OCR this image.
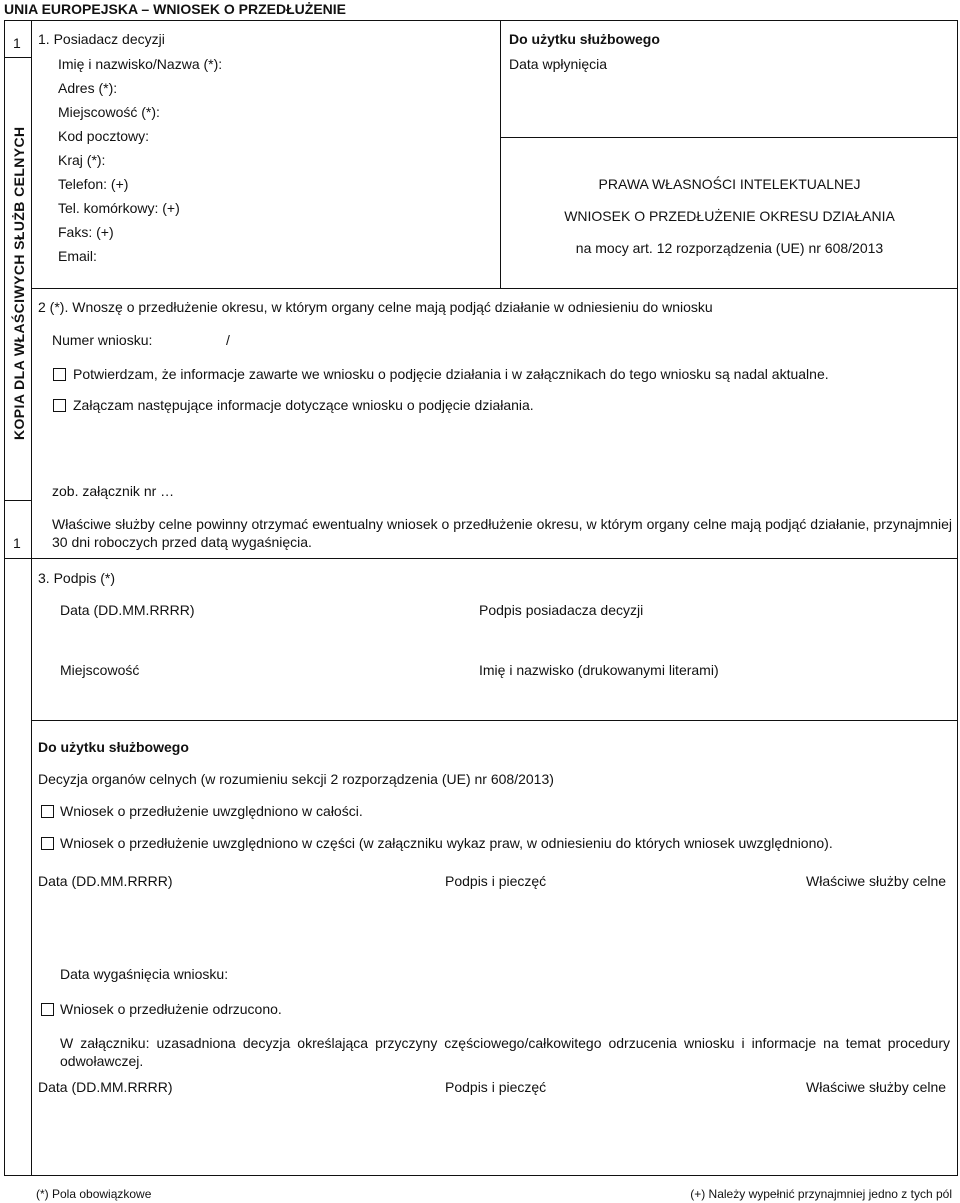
UNIA EUROPEJSKA – WNIOSEK O PRZEDŁUŻENIE
1
1
KOPIA DLA WŁAŚCIWYCH SŁUŻB CELNYCH
1. Posiadacz decyzji
Imię i nazwisko/Nazwa (*):
Adres (*):
Miejscowość (*):
Kod pocztowy:
Kraj (*):
Telefon: (+)
Tel. komórkowy: (+)
Faks: (+)
Email:
Do użytku służbowego
Data wpłynięcia
PRAWA WŁASNOŚCI INTELEKTUALNEJ
WNIOSEK O PRZEDŁUŻENIE OKRESU DZIAŁANIA
na mocy art. 12 rozporządzenia (UE) nr 608/2013
2 (*). Wnoszę o przedłużenie okresu, w którym organy celne mają podjąć działanie w odniesieniu do wniosku
Numer wniosku:	/
Potwierdzam, że informacje zawarte we wniosku o podjęcie działania i w załącznikach do tego wniosku są nadal aktualne.
Załączam następujące informacje dotyczące wniosku o podjęcie działania.
zob. załącznik nr …
Właściwe służby celne powinny otrzymać ewentualny wniosek o przedłużenie okresu, w którym organy celne mają podjąć działanie, przynajmniej 30 dni roboczych przed datą wygaśnięcia.
3. Podpis (*)
Data (DD.MM.RRRR)	Podpis posiadacza decyzji
Miejscowość	Imię i nazwisko (drukowanymi literami)
Do użytku służbowego
Decyzja organów celnych (w rozumieniu sekcji 2 rozporządzenia (UE) nr 608/2013)
Wniosek o przedłużenie uwzględniono w całości.
Wniosek o przedłużenie uwzględniono w części (w załączniku wykaz praw, w odniesieniu do których wniosek uwzględniono).
Data (DD.MM.RRRR)	Podpis i pieczęć	Właściwe służby celne
Data wygaśnięcia wniosku:
Wniosek o przedłużenie odrzucono.
W załączniku: uzasadniona decyzja określająca przyczyny częściowego/całkowitego odrzucenia wniosku i informacje na temat procedury odwoławczej.
Data (DD.MM.RRRR)	Podpis i pieczęć	Właściwe służby celne
(*) Pola obowiązkowe	(+) Należy wypełnić przynajmniej jedno z tych pól
